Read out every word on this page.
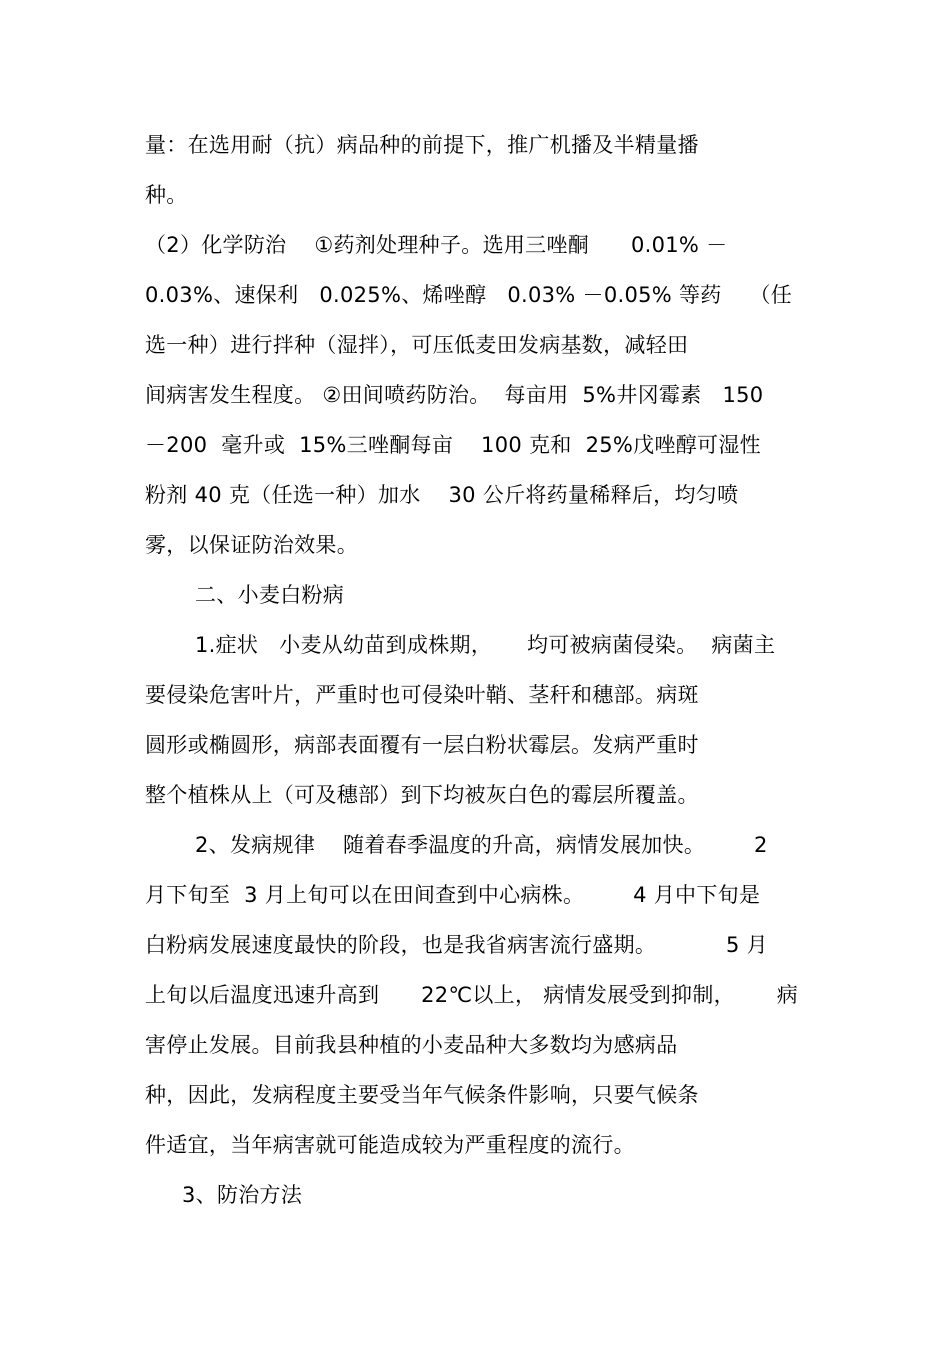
量：在选用耐（抗）病品种的前提下，推广机播及半精量播
种。
（2）化学防治    ①药剂处理种子。选用三唑酮      0.01% －
0.03%、速保利   0.025%、烯唑醇   0.03% －0.05% 等药    （任
选一种）进行拌种（湿拌），可压低麦田发病基数，减轻田
间病害发生程度。 ②田间喷药防治。  每亩用  5%井冈霉素   150
－200  毫升或  15%三唑酮每亩    100 克和  25%戊唑醇可湿性
粉剂 40 克（任选一种）加水    30 公斤将药量稀释后，均匀喷
雾，以保证防治效果。
二、小麦白粉病
1.症状   小麦从幼苗到成株期，     均可被病菌侵染。  病菌主
要侵染危害叶片，严重时也可侵染叶鞘、茎秆和穗部。病斑
圆形或椭圆形，病部表面覆有一层白粉状霉层。发病严重时
整个植株从上（可及穗部）到下均被灰白色的霉层所覆盖。
2、发病规律    随着春季温度的升高，病情发展加快。       2
月下旬至  3 月上旬可以在田间查到中心病株。       4 月中下旬是
白粉病发展速度最快的阶段，也是我省病害流行盛期。          5 月
上旬以后温度迅速升高到      22℃以上， 病情发展受到抑制，      病
害停止发展。目前我县种植的小麦品种大多数均为感病品
种，因此，发病程度主要受当年气候条件影响，只要气候条
件适宜，当年病害就可能造成较为严重程度的流行。
3、防治方法
